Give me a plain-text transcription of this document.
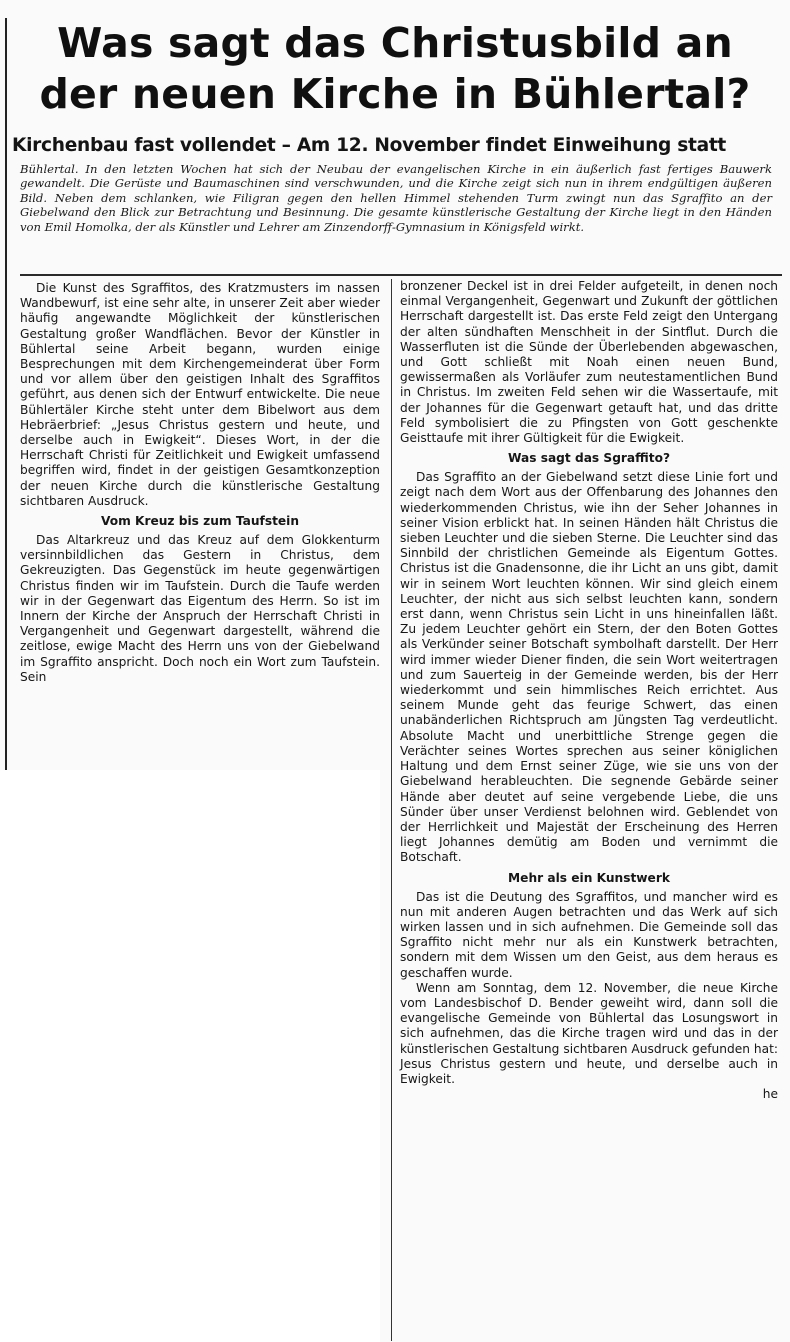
Was sagt das Christusbild an
der neuen Kirche in Bühlertal?
Kirchenbau fast vollendet – Am 12. November findet Einweihung statt
Bühlertal. In den letzten Wochen hat sich der Neubau der evangelischen Kirche in ein äußerlich fast fertiges Bauwerk gewandelt. Die Gerüste und Baumaschinen sind verschwunden, und die Kirche zeigt sich nun in ihrem endgültigen äußeren Bild. Neben dem schlanken, wie Filigran gegen den hellen Himmel stehenden Turm zwingt nun das Sgraffito an der Giebelwand den Blick zur Betrachtung und Besinnung. Die gesamte künstlerische Gestaltung der Kirche liegt in den Händen von Emil Homolka, der als Künstler und Lehrer am Zinzendorff-Gymnasium in Königsfeld wirkt.

Die Kunst des Sgraffitos, des Kratzmusters im nassen Wandbewurf, ist eine sehr alte, in unserer Zeit aber wieder häufig angewandte Möglichkeit der künstlerischen Gestaltung großer Wandflächen. Bevor der Künstler in Bühlertal seine Arbeit begann, wurden einige Besprechungen mit dem Kirchengemeinderat über Form und vor allem über den geistigen Inhalt des Sgraffitos geführt, aus denen sich der Entwurf entwickelte. Die neue Bühlertäler Kirche steht unter dem Bibelwort aus dem Hebräerbrief: „Jesus Christus gestern und heute, und derselbe auch in Ewigkeit“. Dieses Wort, in der die Herrschaft Christi für Zeitlichkeit und Ewigkeit umfassend begriffen wird, findet in der geistigen Gesamtkonzeption der neuen Kirche durch die künstlerische Gestaltung sichtbaren Ausdruck.

Vom Kreuz bis zum Taufstein

Das Altarkreuz und das Kreuz auf dem Glokkenturm versinnbildlichen das Gestern in Christus, dem Gekreuzigten. Das Gegenstück im heute gegenwärtigen Christus finden wir im Taufstein. Durch die Taufe werden wir in der Gegenwart das Eigentum des Herrn. So ist im Innern der Kirche der Anspruch der Herrschaft Christi in Vergangenheit und Gegenwart dargestellt, während die zeitlose, ewige Macht des Herrn uns von der Giebelwand im Sgraffito anspricht. Doch noch ein Wort zum Taufstein. Sein

bronzener Deckel ist in drei Felder aufgeteilt, in denen noch einmal Vergangenheit, Gegenwart und Zukunft der göttlichen Herrschaft dargestellt ist. Das erste Feld zeigt den Untergang der alten sündhaften Menschheit in der Sintflut. Durch die Wasserfluten ist die Sünde der Überlebenden abgewaschen, und Gott schließt mit Noah einen neuen Bund, gewissermaßen als Vorläufer zum neutestamentlichen Bund in Christus. Im zweiten Feld sehen wir die Wassertaufe, mit der Johannes für die Gegenwart getauft hat, und das dritte Feld symbolisiert die zu Pfingsten von Gott geschenkte Geisttaufe mit ihrer Gültigkeit für die Ewigkeit.

Was sagt das Sgraffito?

Das Sgraffito an der Giebelwand setzt diese Linie fort und zeigt nach dem Wort aus der Offenbarung des Johannes den wiederkommenden Christus, wie ihn der Seher Johannes in seiner Vision erblickt hat. In seinen Händen hält Christus die sieben Leuchter und die sieben Sterne. Die Leuchter sind das Sinnbild der christlichen Gemeinde als Eigentum Gottes. Christus ist die Gnadensonne, die ihr Licht an uns gibt, damit wir in seinem Wort leuchten können. Wir sind gleich einem Leuchter, der nicht aus sich selbst leuchten kann, sondern erst dann, wenn Christus sein Licht in uns hineinfallen läßt. Zu jedem Leuchter gehört ein Stern, der den Boten Gottes als Verkünder seiner Botschaft symbolhaft darstellt. Der Herr wird immer wieder Diener finden, die sein Wort weitertragen und zum Sauerteig in der Gemeinde werden, bis der Herr wiederkommt und sein himmlisches Reich errichtet. Aus seinem Munde geht das feurige Schwert, das einen unabänderlichen Richtspruch am Jüngsten Tag verdeutlicht. Absolute Macht und unerbittliche Strenge gegen die Verächter seines Wortes sprechen aus seiner königlichen Haltung und dem Ernst seiner Züge, wie sie uns von der Giebelwand herableuchten. Die segnende Gebärde seiner Hände aber deutet auf seine vergebende Liebe, die uns Sünder über unser Verdienst belohnen wird. Geblendet von der Herrlichkeit und Majestät der Erscheinung des Herren liegt Johannes demütig am Boden und vernimmt die Botschaft.

Mehr als ein Kunstwerk

Das ist die Deutung des Sgraffitos, und mancher wird es nun mit anderen Augen betrachten und das Werk auf sich wirken lassen und in sich aufnehmen. Die Gemeinde soll das Sgraffito nicht mehr nur als ein Kunstwerk betrachten, sondern mit dem Wissen um den Geist, aus dem heraus es geschaffen wurde.

Wenn am Sonntag, dem 12. November, die neue Kirche vom Landesbischof D. Bender geweiht wird, dann soll die evangelische Gemeinde von Bühlertal das Losungswort in sich aufnehmen, das die Kirche tragen wird und das in der künstlerischen Gestaltung sichtbaren Ausdruck gefunden hat: Jesus Christus gestern und heute, und derselbe auch in Ewigkeit.

he
